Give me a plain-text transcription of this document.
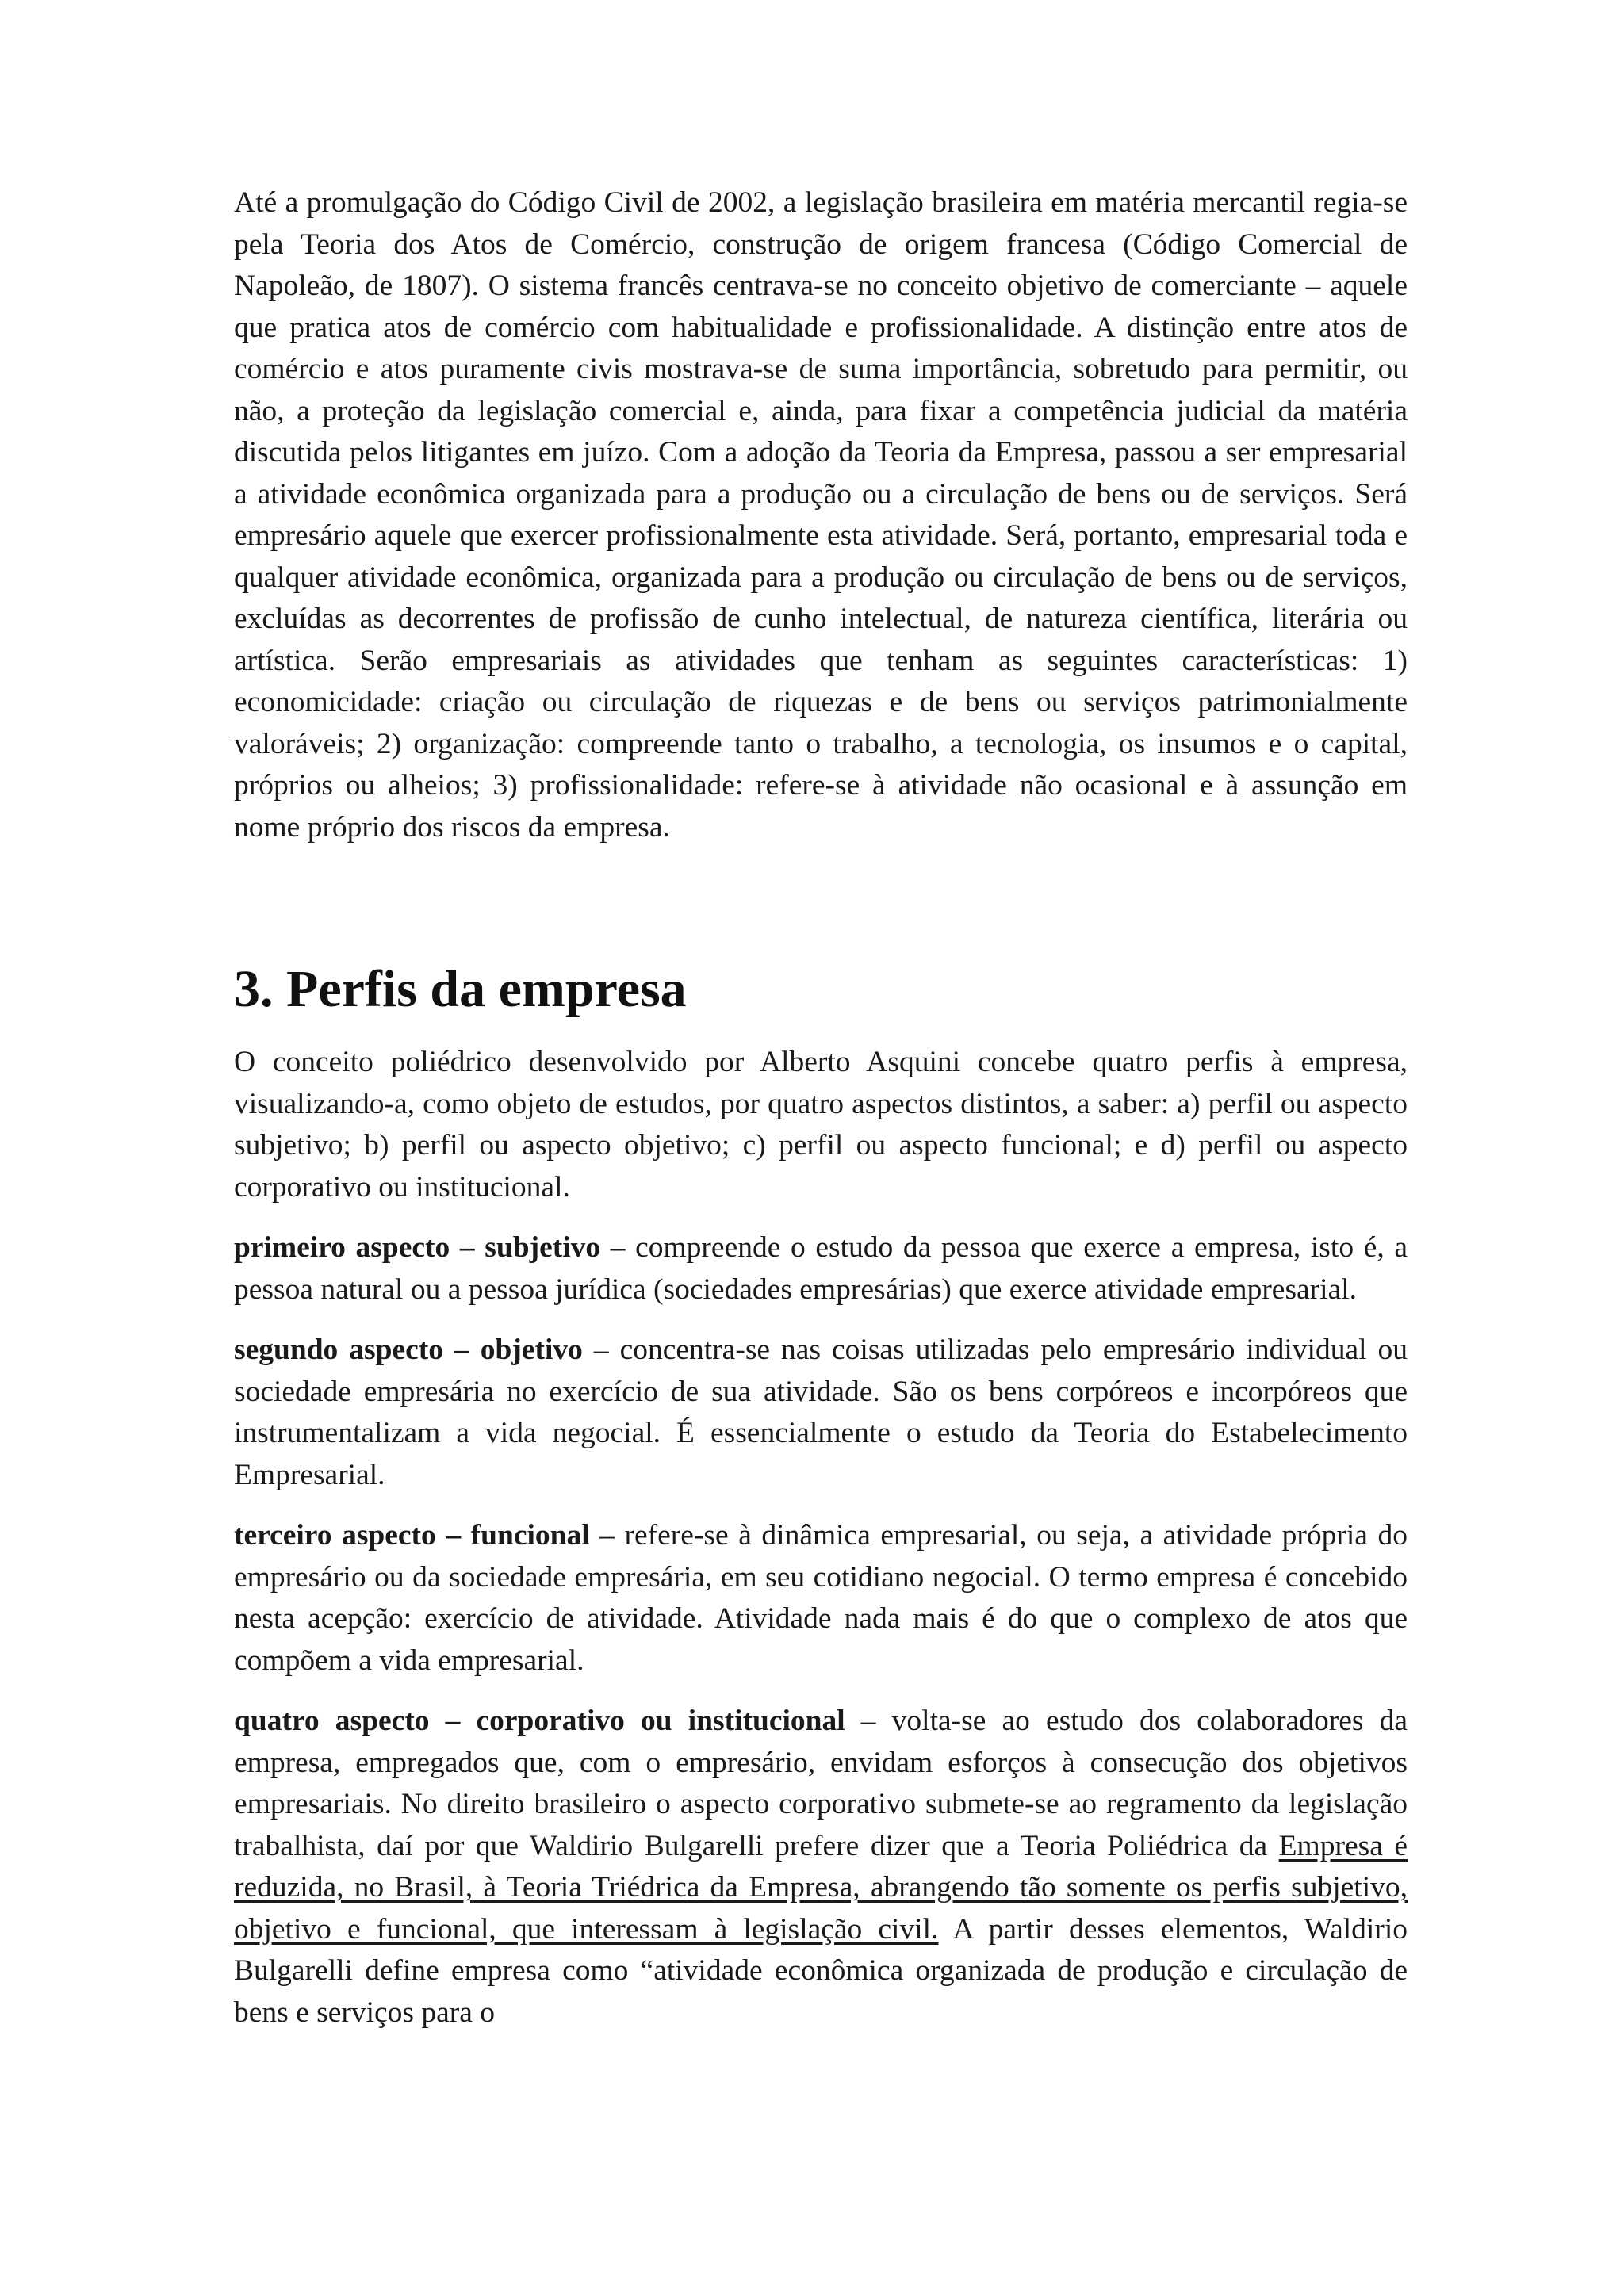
Até a promulgação do Código Civil de 2002, a legislação brasileira em matéria mercantil regia-se pela Teoria dos Atos de Comércio, construção de origem francesa (Código Comercial de Napoleão, de 1807). O sistema francês centrava-se no conceito objetivo de comerciante – aquele que pratica atos de comércio com habitualidade e profissionalidade. A distinção entre atos de comércio e atos puramente civis mostrava-se de suma importância, sobretudo para permitir, ou não, a proteção da legislação comercial e, ainda, para fixar a competência judicial da matéria discutida pelos litigantes em juízo. Com a adoção da Teoria da Empresa, passou a ser empresarial a atividade econômica organizada para a produção ou a circulação de bens ou de serviços. Será empresário aquele que exercer profissionalmente esta atividade. Será, portanto, empresarial toda e qualquer atividade econômica, organizada para a produção ou circulação de bens ou de serviços, excluídas as decorrentes de profissão de cunho intelectual, de natureza científica, literária ou artística. Serão empresariais as atividades que tenham as seguintes características: 1) economicidade: criação ou circulação de riquezas e de bens ou serviços patrimonialmente valoráveis; 2) organização: compreende tanto o trabalho, a tecnologia, os insumos e o capital, próprios ou alheios; 3) profissionalidade: refere-se à atividade não ocasional e à assunção em nome próprio dos riscos da empresa.

3. Perfis da empresa

O conceito poliédrico desenvolvido por Alberto Asquini concebe quatro perfis à empresa, visualizando-a, como objeto de estudos, por quatro aspectos distintos, a saber: a) perfil ou aspecto subjetivo; b) perfil ou aspecto objetivo; c) perfil ou aspecto funcional; e d) perfil ou aspecto corporativo ou institucional.

primeiro aspecto – subjetivo – compreende o estudo da pessoa que exerce a empresa, isto é, a pessoa natural ou a pessoa jurídica (sociedades empresárias) que exerce atividade empresarial.

segundo aspecto – objetivo – concentra-se nas coisas utilizadas pelo empresário individual ou sociedade empresária no exercício de sua atividade. São os bens corpóreos e incorpóreos que instrumentalizam a vida negocial. É essencialmente o estudo da Teoria do Estabelecimento Empresarial.

terceiro aspecto – funcional – refere-se à dinâmica empresarial, ou seja, a atividade própria do empresário ou da sociedade empresária, em seu cotidiano negocial. O termo empresa é concebido nesta acepção: exercício de atividade. Atividade nada mais é do que o complexo de atos que compõem a vida empresarial.

quatro aspecto – corporativo ou institucional – volta-se ao estudo dos colaboradores da empresa, empregados que, com o empresário, envidam esforços à consecução dos objetivos empresariais. No direito brasileiro o aspecto corporativo submete-se ao regramento da legislação trabalhista, daí por que Waldirio Bulgarelli prefere dizer que a Teoria Poliédrica da Empresa é reduzida, no Brasil, à Teoria Triédrica da Empresa, abrangendo tão somente os perfis subjetivo, objetivo e funcional, que interessam à legislação civil. A partir desses elementos, Waldirio Bulgarelli define empresa como “atividade econômica organizada de produção e circulação de bens e serviços para o
